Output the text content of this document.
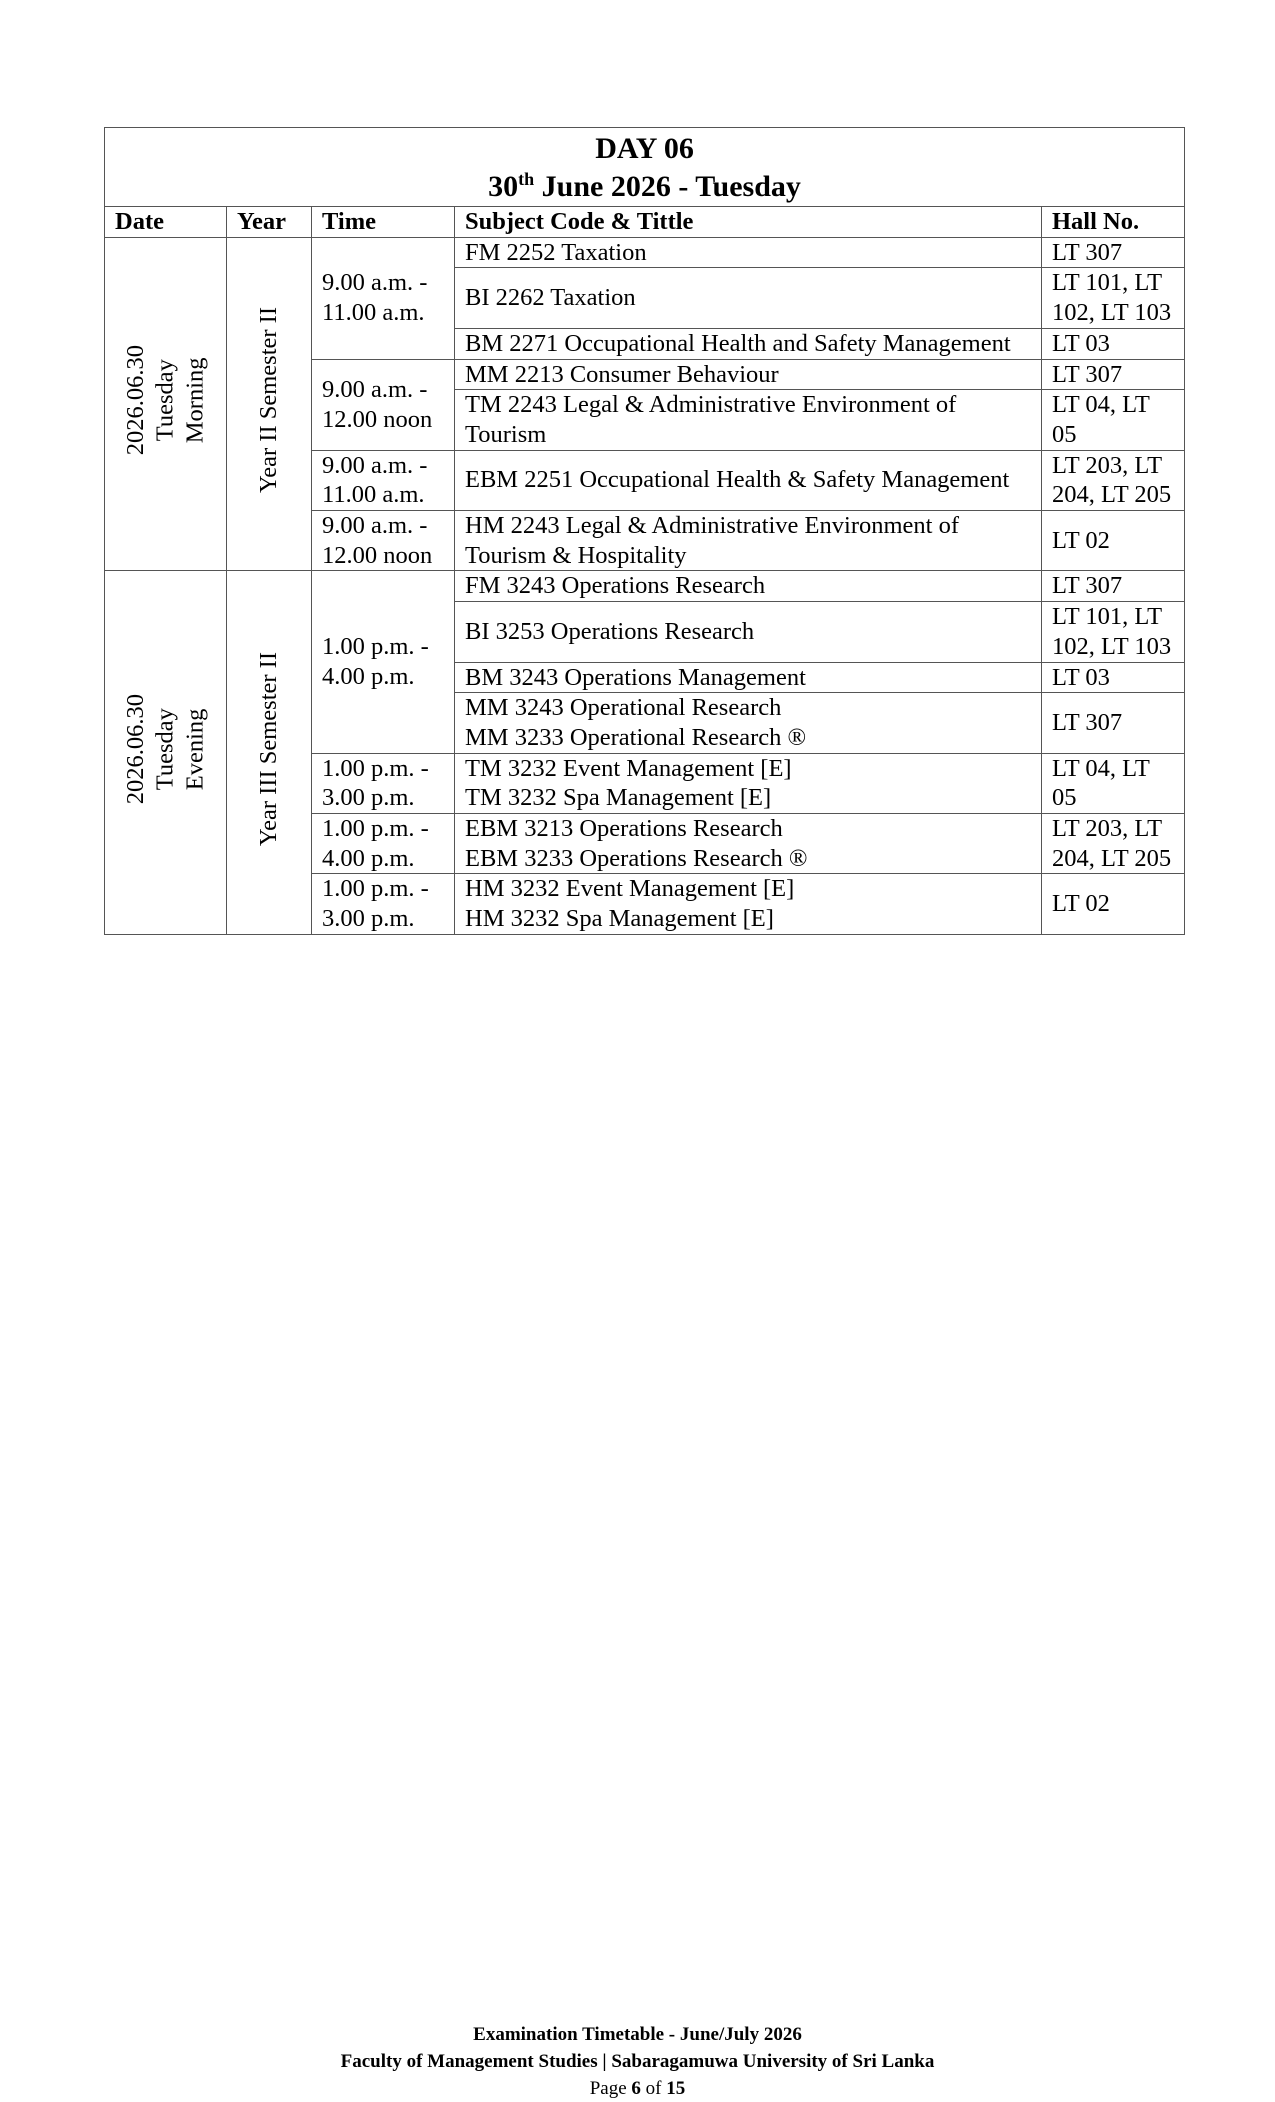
DAY 06
30th June 2026 - Tuesday				

Date	Year	Time	Subject Code & Tittle	Hall No.
2026.06.30 Tuesday Morning	Year II Semester II	9.00 a.m. - 11.00 a.m.	FM 2252 Taxation	LT 307
			BI 2262 Taxation	LT 101, LT 102, LT 103
			BM 2271 Occupational Health and Safety Management	LT 03
		9.00 a.m. - 12.00 noon	MM 2213 Consumer Behaviour	LT 307
			TM 2243 Legal & Administrative Environment of Tourism	LT 04, LT 05
		9.00 a.m. - 11.00 a.m.	EBM 2251 Occupational Health & Safety Management	LT 203, LT 204, LT 205
		9.00 a.m. - 12.00 noon	HM 2243 Legal & Administrative Environment of Tourism & Hospitality	LT 02
2026.06.30 Tuesday Evening	Year III Semester II	1.00 p.m. - 4.00 p.m.	FM 3243 Operations Research	LT 307
			BI 3253 Operations Research	LT 101, LT 102, LT 103
			BM 3243 Operations Management	LT 03
			MM 3243 Operational Research
MM 3233 Operational Research ®	LT 307
		1.00 p.m. - 3.00 p.m.	TM 3232 Event Management [E]
TM 3232 Spa Management [E]	LT 04, LT 05
		1.00 p.m. - 4.00 p.m.	EBM 3213 Operations Research
EBM 3233 Operations Research ®	LT 203, LT 204, LT 205
		1.00 p.m. - 3.00 p.m.	HM 3232 Event Management [E]
HM 3232 Spa Management [E]	LT 02
Examination Timetable - June/July 2026
Faculty of Management Studies | Sabaragamuwa University of Sri Lanka
Page 6 of 15
